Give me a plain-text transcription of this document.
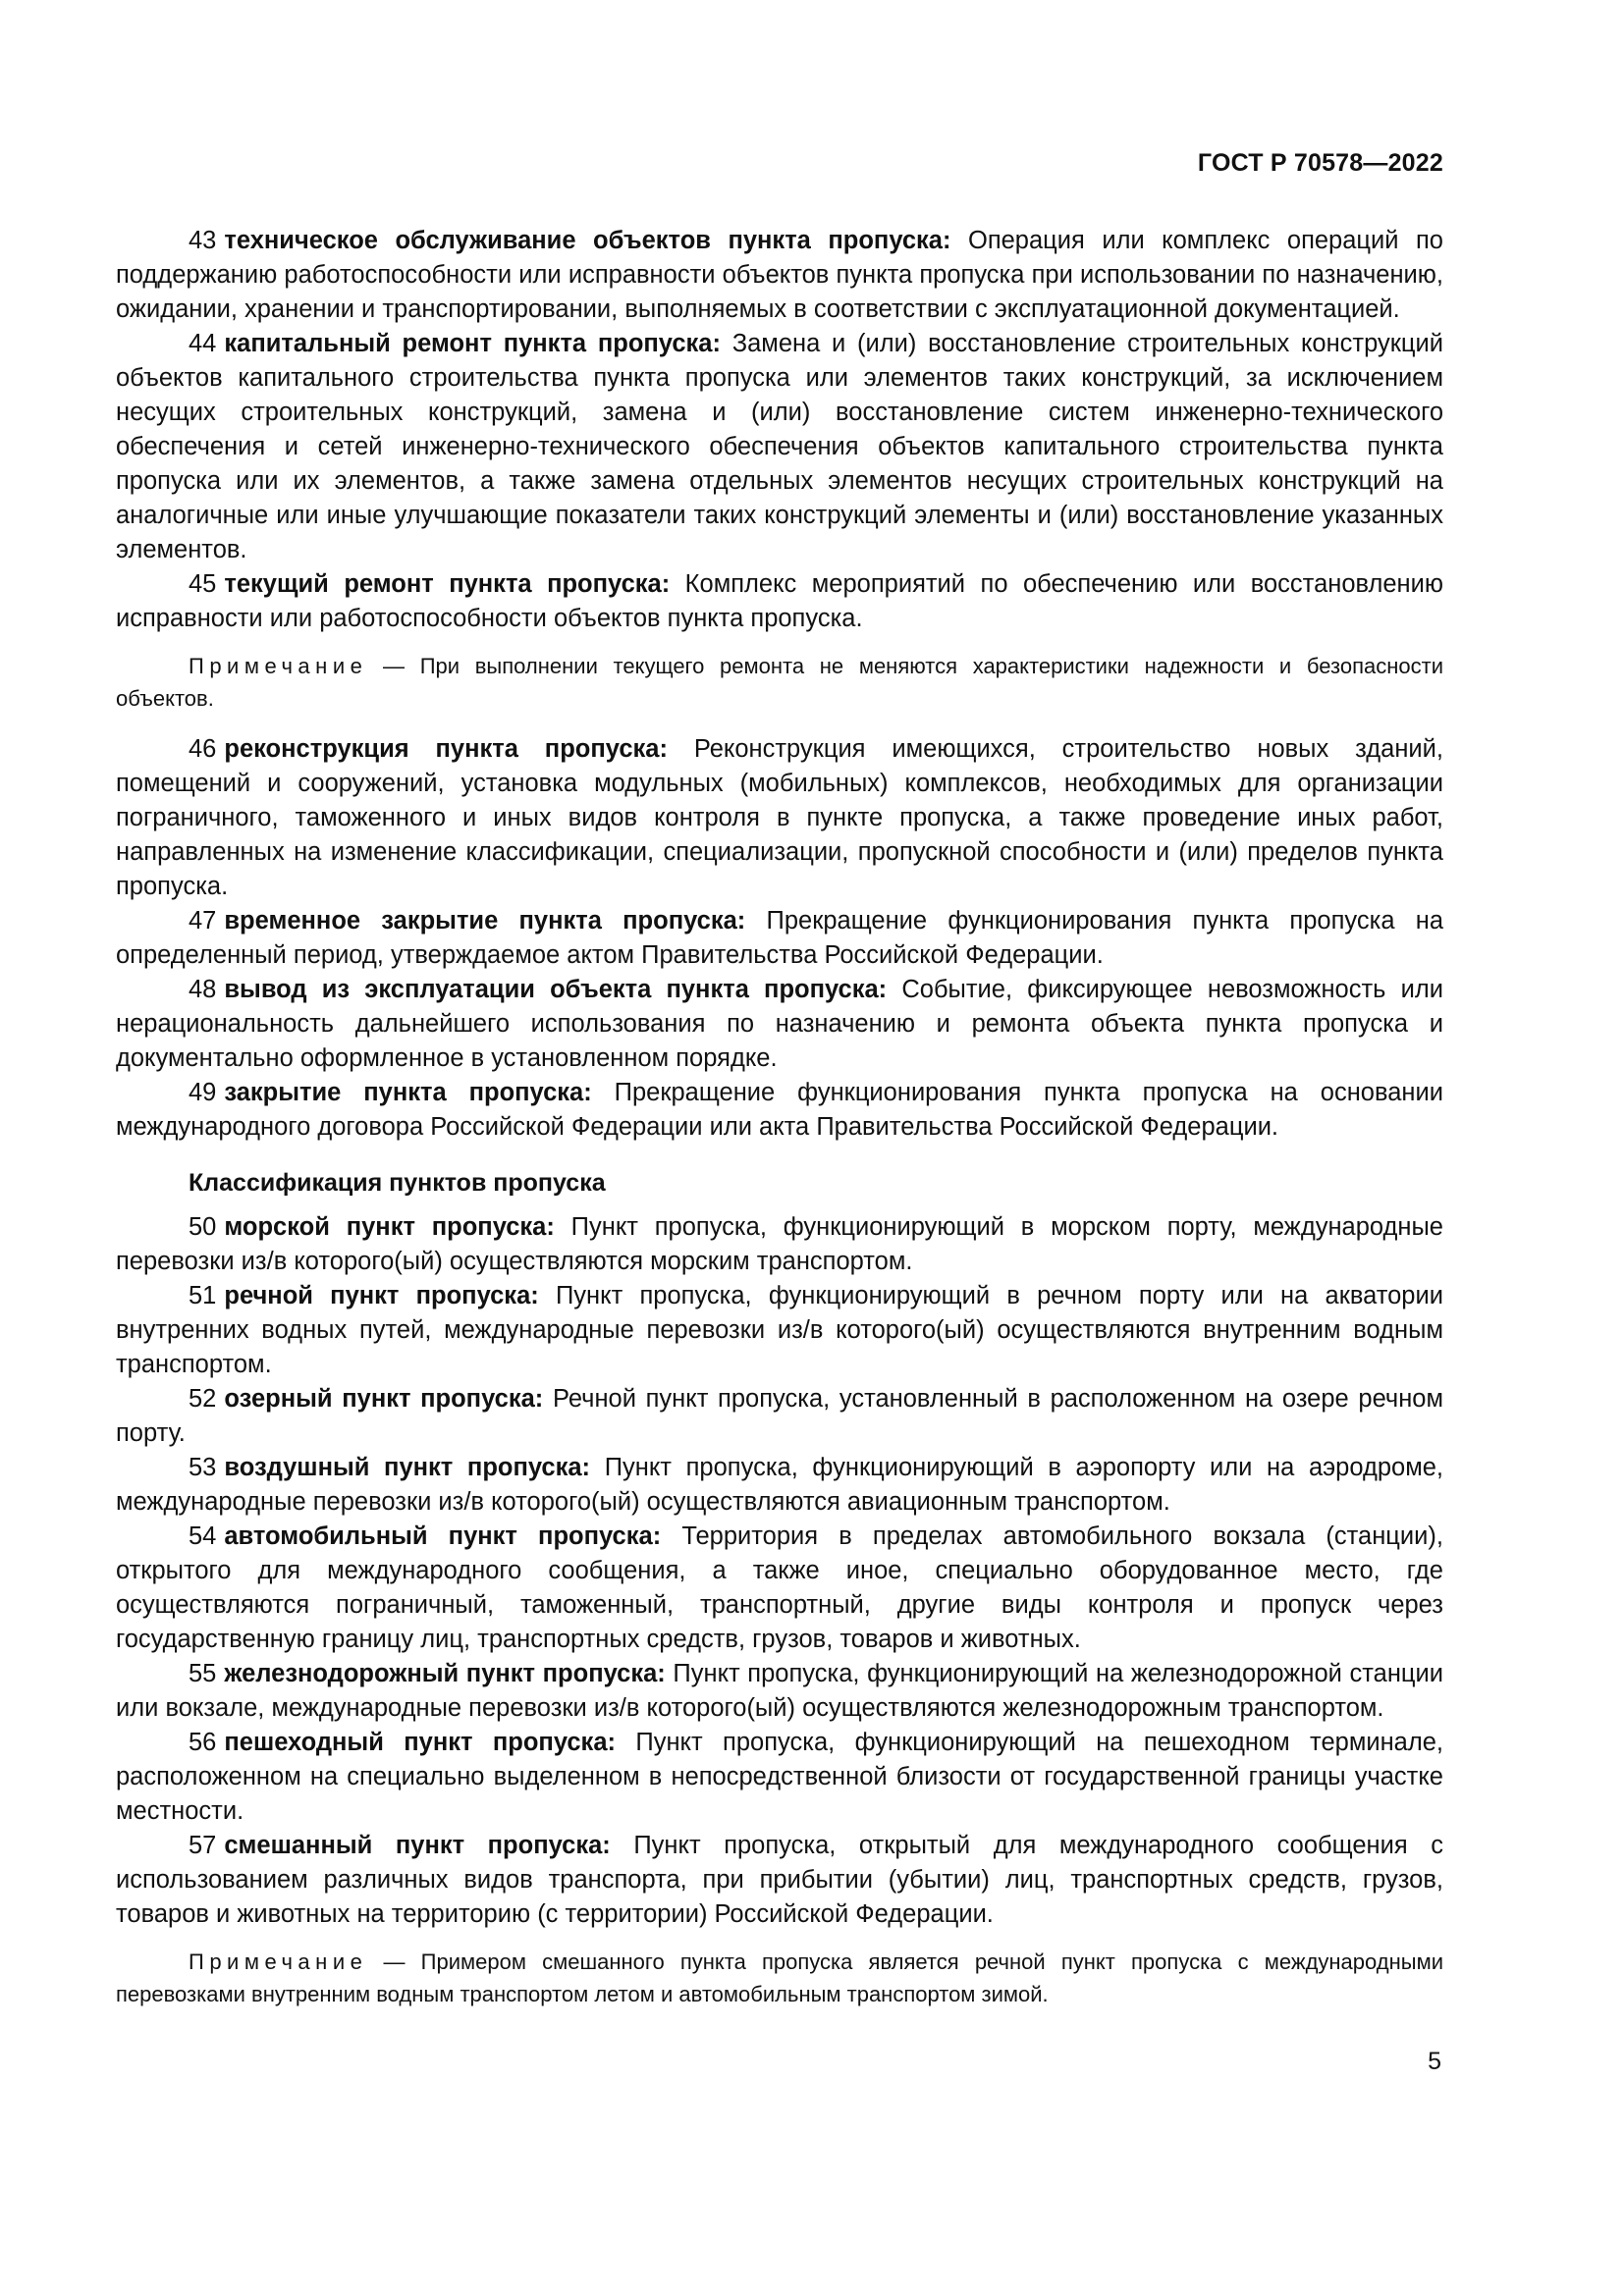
ГОСТ Р 70578—2022

43 техническое обслуживание объектов пункта пропуска: Операция или комплекс операций по поддержанию работоспособности или исправности объектов пункта пропуска при использовании по назначению, ожидании, хранении и транспортировании, выполняемых в соответствии с эксплуатационной документацией.

44 капитальный ремонт пункта пропуска: Замена и (или) восстановление строительных конструкций объектов капитального строительства пункта пропуска или элементов таких конструкций, за исключением несущих строительных конструкций, замена и (или) восстановление систем инженерно-технического обеспечения и сетей инженерно-технического обеспечения объектов капитального строительства пункта пропуска или их элементов, а также замена отдельных элементов несущих строительных конструкций на аналогичные или иные улучшающие показатели таких конструкций элементы и (или) восстановление указанных элементов.

45 текущий ремонт пункта пропуска: Комплекс мероприятий по обеспечению или восстановлению исправности или работоспособности объектов пункта пропуска.

Примечание — При выполнении текущего ремонта не меняются характеристики надежности и безопасности объектов.

46 реконструкция пункта пропуска: Реконструкция имеющихся, строительство новых зданий, помещений и сооружений, установка модульных (мобильных) комплексов, необходимых для организации пограничного, таможенного и иных видов контроля в пункте пропуска, а также проведение иных работ, направленных на изменение классификации, специализации, пропускной способности и (или) пределов пункта пропуска.

47 временное закрытие пункта пропуска: Прекращение функционирования пункта пропуска на определенный период, утверждаемое актом Правительства Российской Федерации.

48 вывод из эксплуатации объекта пункта пропуска: Событие, фиксирующее невозможность или нерациональность дальнейшего использования по назначению и ремонта объекта пункта пропуска и документально оформленное в установленном порядке.

49 закрытие пункта пропуска: Прекращение функционирования пункта пропуска на основании международного договора Российской Федерации или акта Правительства Российской Федерации.

Классификация пунктов пропуска

50 морской пункт пропуска: Пункт пропуска, функционирующий в морском порту, международные перевозки из/в которого(ый) осуществляются морским транспортом.

51 речной пункт пропуска: Пункт пропуска, функционирующий в речном порту или на акватории внутренних водных путей, международные перевозки из/в которого(ый) осуществляются внутренним водным транспортом.

52 озерный пункт пропуска: Речной пункт пропуска, установленный в расположенном на озере речном порту.

53 воздушный пункт пропуска: Пункт пропуска, функционирующий в аэропорту или на аэродроме, международные перевозки из/в которого(ый) осуществляются авиационным транспортом.

54 автомобильный пункт пропуска: Территория в пределах автомобильного вокзала (станции), открытого для международного сообщения, а также иное, специально оборудованное место, где осуществляются пограничный, таможенный, транспортный, другие виды контроля и пропуск через государственную границу лиц, транспортных средств, грузов, товаров и животных.

55 железнодорожный пункт пропуска: Пункт пропуска, функционирующий на железнодорожной станции или вокзале, международные перевозки из/в которого(ый) осуществляются железнодорожным транспортом.

56 пешеходный пункт пропуска: Пункт пропуска, функционирующий на пешеходном терминале, расположенном на специально выделенном в непосредственной близости от государственной границы участке местности.

57 смешанный пункт пропуска: Пункт пропуска, открытый для международного сообщения с использованием различных видов транспорта, при прибытии (убытии) лиц, транспортных средств, грузов, товаров и животных на территорию (с территории) Российской Федерации.

Примечание — Примером смешанного пункта пропуска является речной пункт пропуска с международными перевозками внутренним водным транспортом летом и автомобильным транспортом зимой.

5
